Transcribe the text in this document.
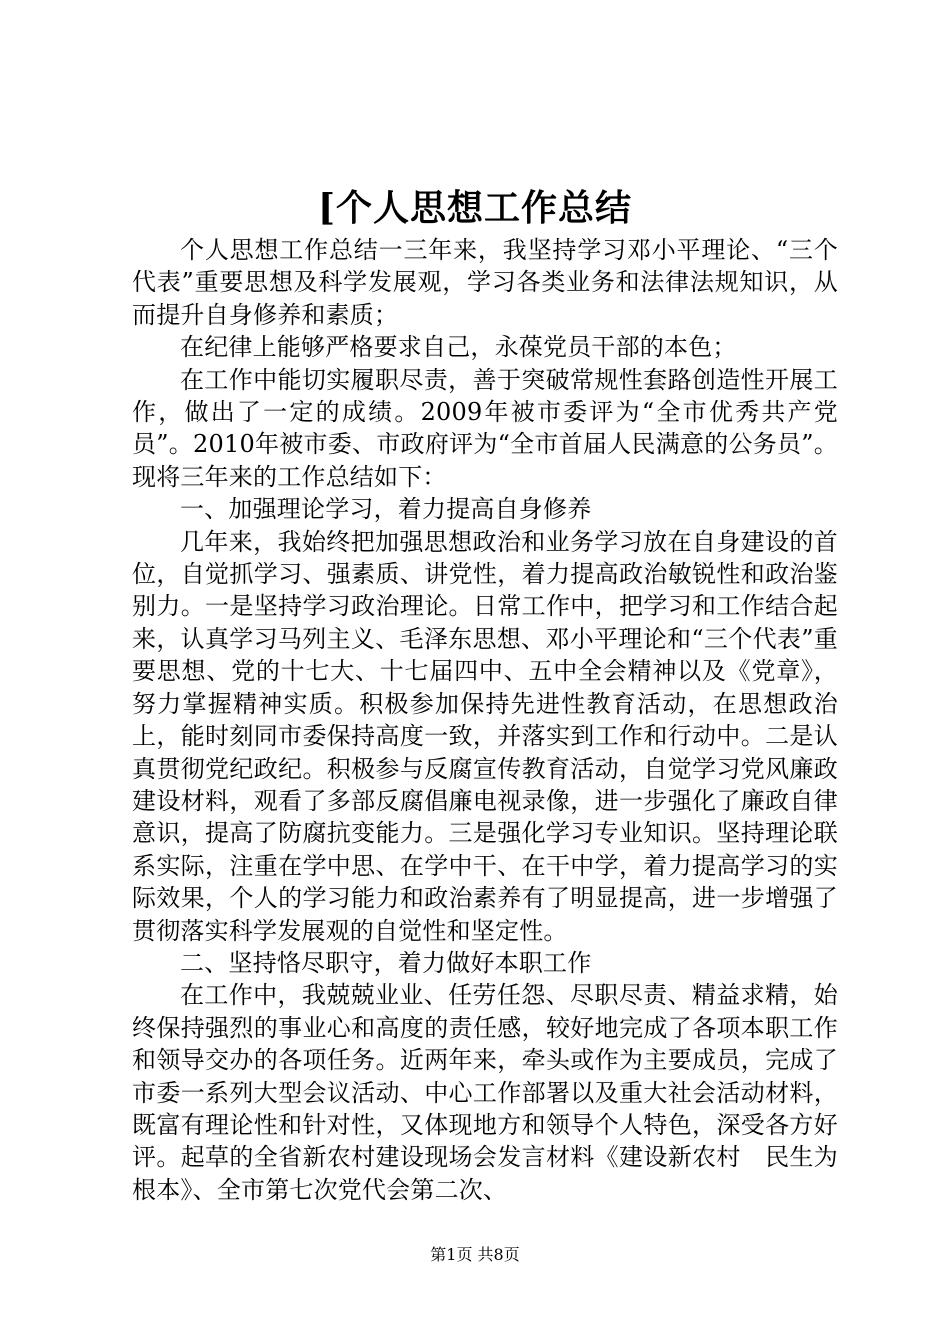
[个人思想工作总结

个人思想工作总结一三年来，我坚持学习邓小平理论、“三个代表”重要思想及科学发展观，学习各类业务和法律法规知识，从而提升自身修养和素质；

在纪律上能够严格要求自己，永葆党员干部的本色；

在工作中能切实履职尽责，善于突破常规性套路创造性开展工作，做出了一定的成绩。2009年被市委评为“全市优秀共产党员”。2010年被市委、市政府评为“全市首届人民满意的公务员”。现将三年来的工作总结如下：

一、加强理论学习，着力提高自身修养

几年来，我始终把加强思想政治和业务学习放在自身建设的首位，自觉抓学习、强素质、讲党性，着力提高政治敏锐性和政治鉴别力。一是坚持学习政治理论。日常工作中，把学习和工作结合起来，认真学习马列主义、毛泽东思想、邓小平理论和“三个代表”重要思想、党的十七大、十七届四中、五中全会精神以及《党章》，努力掌握精神实质。积极参加保持先进性教育活动，在思想政治上，能时刻同市委保持高度一致，并落实到工作和行动中。二是认真贯彻党纪政纪。积极参与反腐宣传教育活动，自觉学习党风廉政建设材料，观看了多部反腐倡廉电视录像，进一步强化了廉政自律意识，提高了防腐抗变能力。三是强化学习专业知识。坚持理论联系实际，注重在学中思、在学中干、在干中学，着力提高学习的实际效果，个人的学习能力和政治素养有了明显提高，进一步增强了贯彻落实科学发展观的自觉性和坚定性。

二、坚持恪尽职守，着力做好本职工作

在工作中，我兢兢业业、任劳任怨、尽职尽责、精益求精，始终保持强烈的事业心和高度的责任感，较好地完成了各项本职工作和领导交办的各项任务。近两年来，牵头或作为主要成员，完成了市委一系列大型会议活动、中心工作部署以及重大社会活动材料，既富有理论性和针对性，又体现地方和领导个人特色，深受各方好评。起草的全省新农村建设现场会发言材料《建设新农村　民生为根本》、全市第七次党代会第二次、

第1页 共8页
